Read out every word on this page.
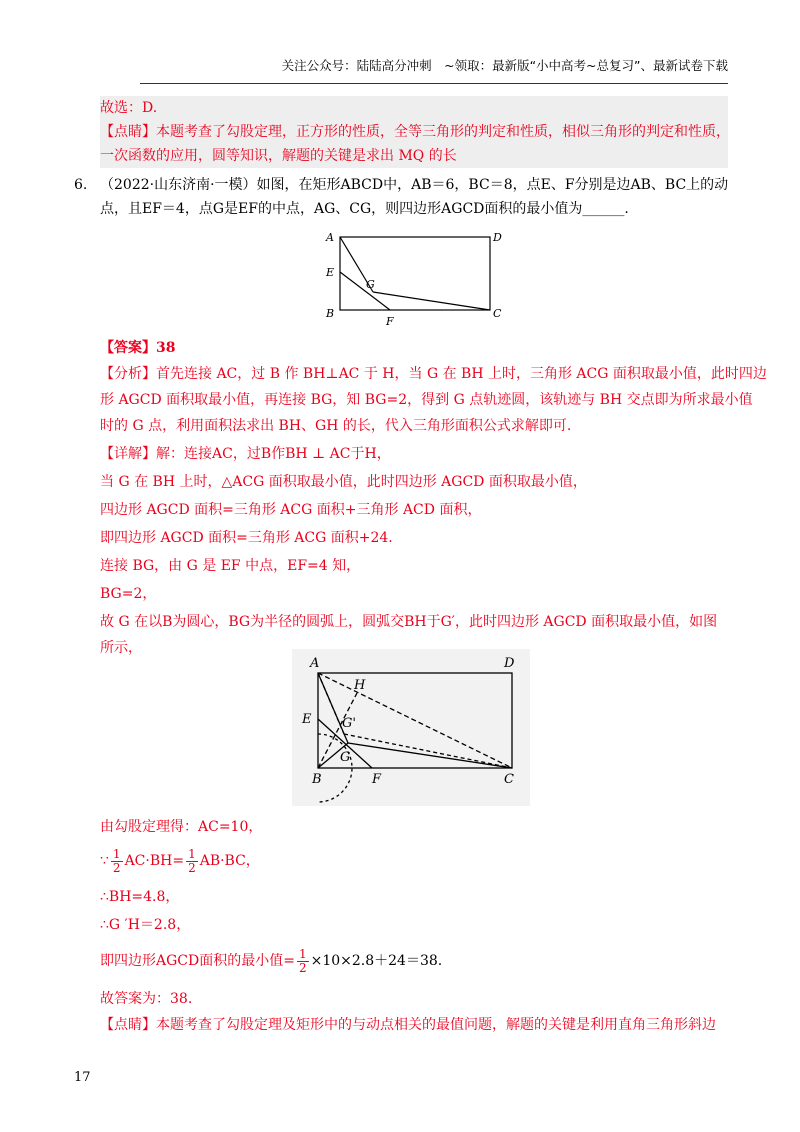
关注公众号：陆陆高分冲刺　~领取：最新版“小中高考~总复习”、最新试卷下载
故选：D.
【点睛】本题考查了勾股定理，正方形的性质，全等三角形的判定和性质，相似三角形的判定和性质，
一次函数的应用，圆等知识，解题的关键是求出 MQ 的长
6. （2022·山东济南·一模）如图，在矩形ABCD中，AB＝6，BC＝8，点E、F分别是边AB、BC上的动
点，且EF＝4，点G是EF的中点，AG、CG，则四边形AGCD面积的最小值为______.
A	D
E
G
B
F
C
【答案】38
【分析】首先连接 AC，过 B 作 BH⊥AC 于 H，当 G 在 BH 上时，三角形 ACG 面积取最小值，此时四边
形 AGCD 面积取最小值，再连接 BG，知 BG=2，得到 G 点轨迹圆，该轨迹与 BH 交点即为所求最小值
时的 G 点，利用面积法求出 BH、GH 的长，代入三角形面积公式求解即可.
【详解】解：连接AC，过B作BH ⊥ AC于H，
当 G 在 BH 上时，△ACG 面积取最小值，此时四边形 AGCD 面积取最小值，
四边形 AGCD 面积=三角形 ACG 面积+三角形 ACD 面积，
即四边形 AGCD 面积=三角形 ACG 面积+24.
连接 BG，由 G 是 EF 中点，EF=4 知，
BG=2，
故 G 在以B为圆心，BG为半径的圆弧上，圆弧交BH于G′，此时四边形 AGCD 面积取最小值，如图
所示，
A	D
H
E G'
G
B	F	C
由勾股定理得：AC=10，
∵ $\frac{1}{2} AC\cdot BH= \frac{1}{2} AB\cdot BC$，
∴BH=4.8，
∴G ′H＝2.8，
即四边形AGCD面积的最小值= $\frac{1}{2} \times 10\times 2.8+24=38$.
故答案为：38.
【点睛】本题考查了勾股定理及矩形中的与动点相关的最值问题，解题的关键是利用直角三角形斜边
17
